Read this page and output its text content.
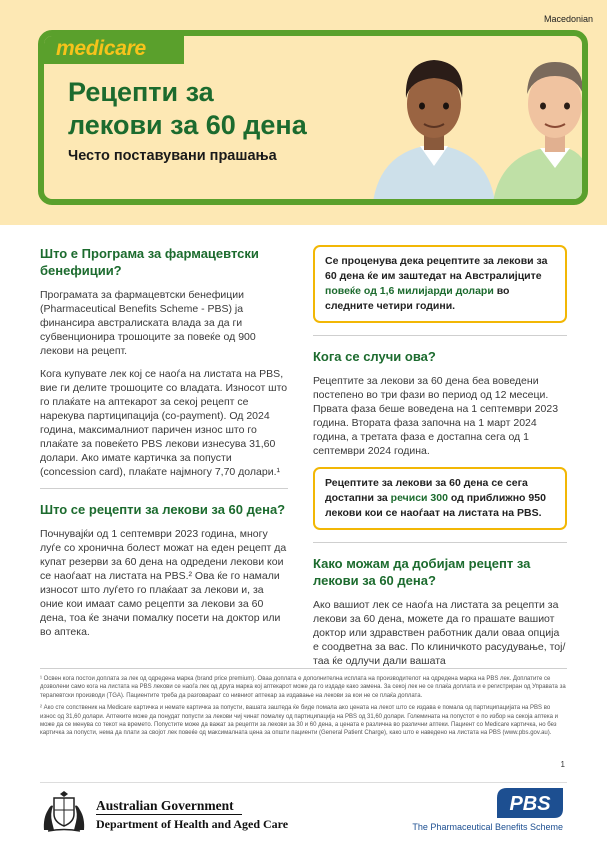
Macedonian
medicare
Рецепти за
лекови за 60 дена
Често поставувани прашања
Што е Програма за фармацевтски бенефиции?

Програмата за фармацевтски бенефиции (Pharmaceutical Benefits Scheme - PBS) ја финансира австралиската влада за да ги субвенционира трошоците за повеќе од 900 лекови на рецепт.

Кога купувате лек кој се наоѓа на листата на PBS, вие ги делите трошоците со владата. Износот што го плаќате на аптекарот за секој рецепт се нарекува партиципација (co-payment). Од 2024 година, максималниот паричен износ што го плаќате за повеќето PBS лекови изнесува 31,60 долари. Ако имате картичка за попусти (concession card), плаќате најмногу 7,70 долари.¹

Што се рецепти за лекови за 60 дена?

Почнувајќи од 1 септември 2023 година, многу луѓе со хронична болест можат на еден рецепт да купат резерви за 60 дена на одредени лекови кои се наоѓаат на листата на PBS.² Ова ќе го намали износот што луѓето го плаќаат за лекови и, за оние кои имаат само рецепти за лекови за 60 дена, тоа ќе значи помалку посети на доктор или во аптека.

Се проценува дека рецептите за лекови за 60 дена ќе им заштедат на Австралијците повеќе од 1,6 милијарди долари во следните четири години.
Кога се случи ова?

Рецептите за лекови за 60 дена беа воведени постепено во три фази во период од 12 месеци. Првата фаза беше воведена на 1 септември 2023 година. Втората фаза започна на 1 март 2024 година, а третата фаза е достапна сега од 1 септември 2024 година.

Рецептите за лекови за 60 дена се сега достапни за речиси 300 од приближно 950 лекови кои се наоѓаат на листата на PBS.
Како можам да добијам рецепт за лекови за 60 дена?

Ако вашиот лек се наоѓа на листата за рецепти за лекови за 60 дена, можете да го прашате вашиот доктор или здравствен работник дали оваа опција е соодветна за вас. По клиничкото расудување, тој/таа ќе одлучи дали вашата

¹ Освен кога постои доплата за лек од одредена марка (brand price premium). Оваа доплата е дополнителна исплата на производителот на одредена марка на PBS лек. Доплатите се дозволени само кога на листата на PBS лекови се наоѓа лек од друга марка кој аптекарот може да го издаде како замена. За секој лек не се плаќа доплата и е регистриран од Управата за терапевтски производи (TGA). Пациентите треба да разговараат со нивниот аптекар за издавање на лекови за кои не се плаќа доплата.

² Ако сте сопственик на Medicare картичка и немате картичка за попусти, вашата заштеда ќе биде помала ако цената на лекот што се издава е помала од партиципацијата на PBS во износ од 31,60 долари. Аптеките може да понудат попусти за лекови чиј чинат помалку од партиципација на PBS од 31,60 долари. Големината на попустот е по избор на секоја аптека и може да се менува со текот на времето. Попустите може да важат за рецепти за лекови за 30 и 60 дена, а цената е различна во различни аптеки. Пациент со Medicare картичка, но без картичка за попусти, нема да плати за својот лек повеќе од максималната цена за општи пациенти (General Patient Charge), како што е наведено на листата на PBS (www.pbs.gov.au).

1
Australian Government
Department of Health and Aged Care
PBS
The Pharmaceutical Benefits Scheme
